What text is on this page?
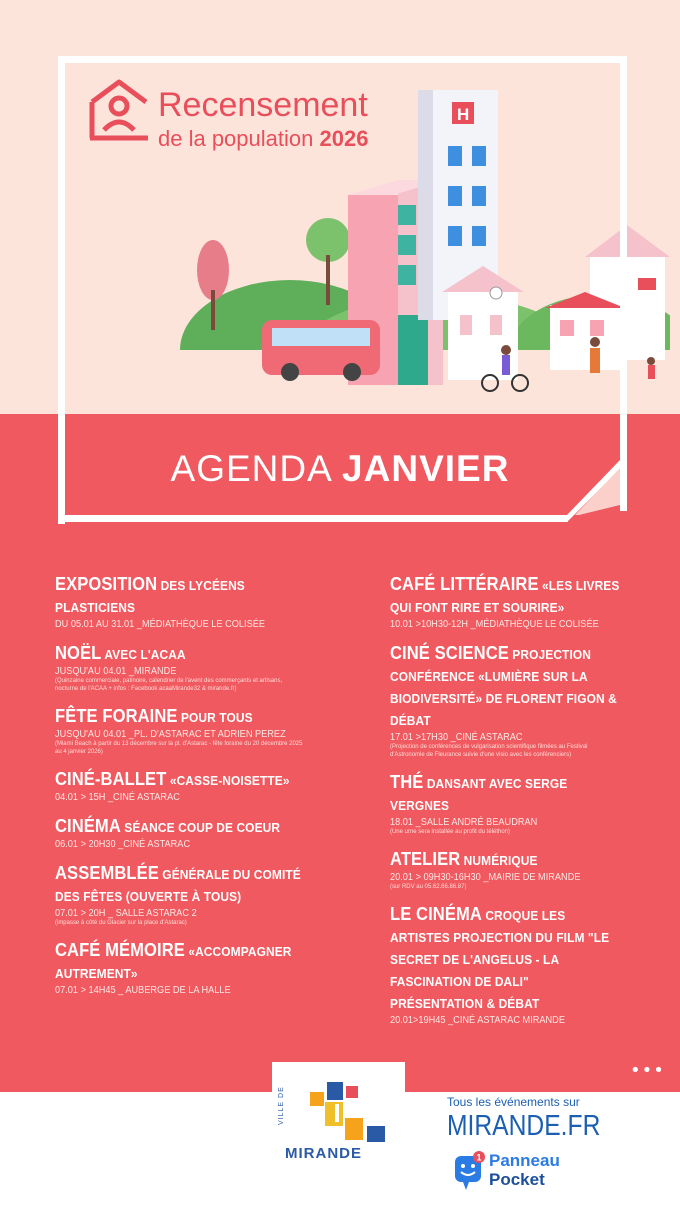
H
Recensement
de la population 2026
AGENDA JANVIER
EXPOSITION DES LYCÉENS PLASTICIENS
DU 05.01 AU 31.01 _MÉDIATHÈQUE LE COLISÉE
NOËL AVEC L'ACAA
JUSQU'AU 04.01 _MIRANDE
(Quinzaine commerciale, patinoire, calendrier de l'avent des commerçants et artisans, nocturne de l'ACAA + infos : Facebook acaaMirande32 & mirande.fr)
FÊTE FORAINE POUR TOUS
JUSQU'AU 04.01 _PL. D'ASTARAC ET ADRIEN PEREZ
(Miami Beach à partir du 13 décembre sur la pl. d'Astarac - fête foraine du 20 décembre 2025 au 4 janvier 2026)
CINÉ-BALLET «CASSE-NOISETTE»
04.01 > 15H _CINÉ ASTARAC
CINÉMA SÉANCE COUP DE COEUR
06.01 > 20H30 _CINÉ ASTARAC
ASSEMBLÉE GÉNÉRALE DU COMITÉ DES FÊTES (OUVERTE À TOUS)
07.01 > 20H _ SALLE ASTARAC 2
(impasse à côté du Glacier sur la place d'Astarac)
CAFÉ MÉMOIRE «ACCOMPAGNER AUTREMENT»
07.01 > 14H45 _ AUBERGE DE LA HALLE
CAFÉ LITTÉRAIRE «LES LIVRES QUI FONT RIRE ET SOURIRE»
10.01 >10H30-12H _MÉDIATHÈQUE LE COLISÉE
CINÉ SCIENCE PROJECTION CONFÉRENCE «LUMIÈRE SUR LA BIODIVERSITÉ» DE FLORENT FIGON & DÉBAT
17.01 >17H30 _CINÉ ASTARAC
(Projection de conférences de vulgarisation scientifique filmées au Festival d'Astronomie de Fleurance suivie d'une visio avec les conférenciers)
THÉ DANSANT AVEC SERGE VERGNES
18.01 _SALLE ANDRÉ BEAUDRAN
(Une urne sera installée au profit du téléthon)
ATELIER NUMÉRIQUE
20.01 > 09H30-16H30 _MAIRIE DE MIRANDE
(sur RDV au 05.62.66.86.87)
LE CINÉMA CROQUE LES ARTISTES PROJECTION DU FILM "LE SECRET DE L'ANGELUS - LA FASCINATION DE DALI" PRÉSENTATION & DÉBAT
20.01>19H45 _CINÉ ASTARAC MIRANDE
•••
VILLE DE
MIRANDE
Tous les événements sur
MIRANDE.FR
1 Panneau
Pocket
